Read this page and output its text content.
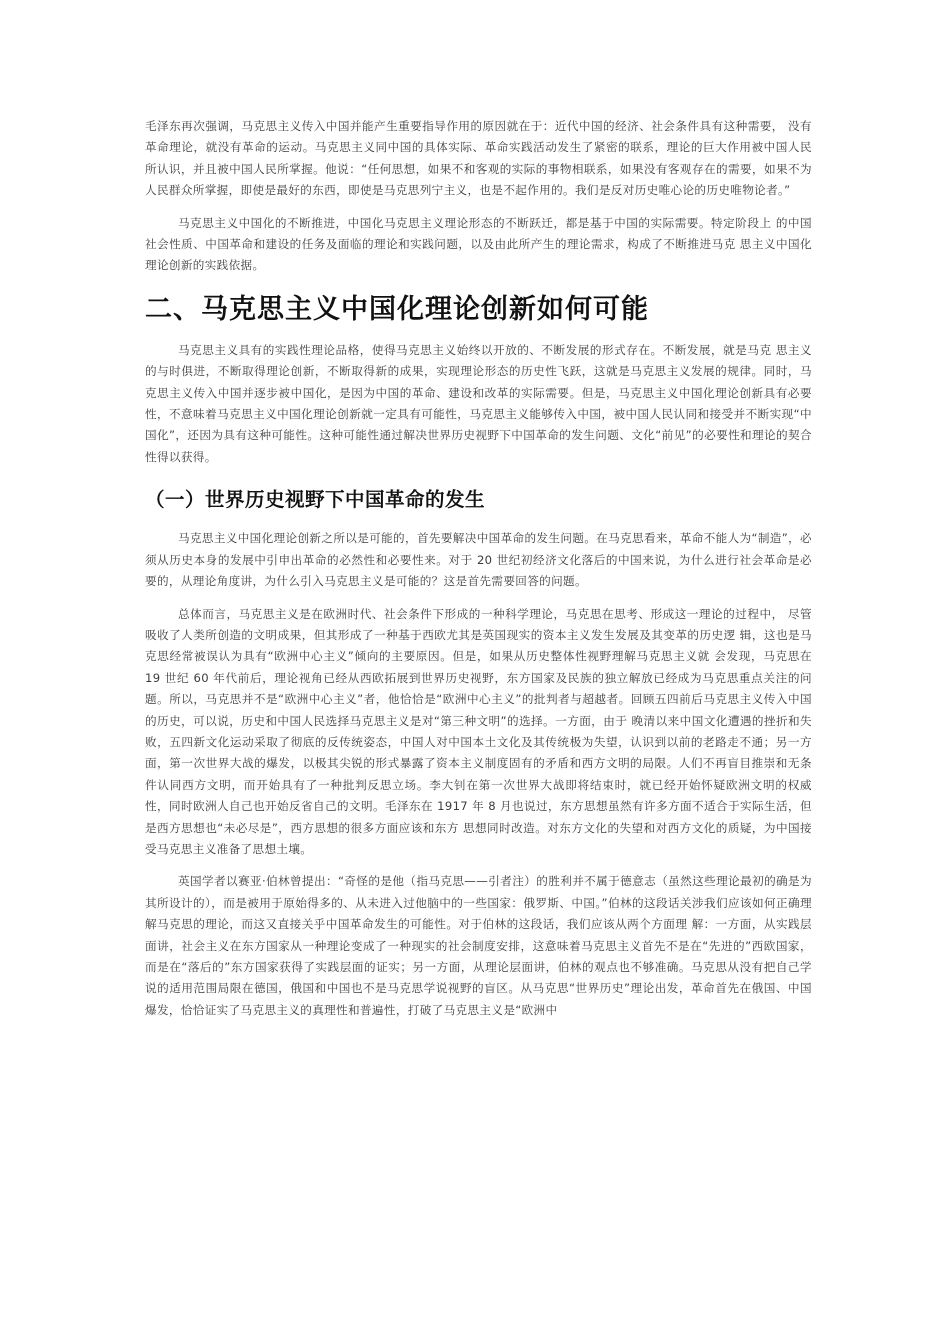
毛泽东再次强调，马克思主义传入中国并能产生重要指导作用的原因就在于：近代中国的经济、社会条件具有这种需要， 没有革命理论，就没有革命的运动。马克思主义同中国的具体实际、革命实践活动发生了紧密的联系，理论的巨大作用被中国人民所认识，并且被中国人民所掌握。他说：“任何思想，如果不和客观的实际的事物相联系，如果没有客观存在的需要，如果不为人民群众所掌握，即使是最好的东西，即使是马克思列宁主义，也是不起作用的。我们是反对历史唯心论的历史唯物论者。”

马克思主义中国化的不断推进，中国化马克思主义理论形态的不断跃迁，都是基于中国的实际需要。特定阶段上 的中国社会性质、中国革命和建设的任务及面临的理论和实践问题，以及由此所产生的理论需求，构成了不断推进马克 思主义中国化理论创新的实践依据。

二、马克思主义中国化理论创新如何可能

马克思主义具有的实践性理论品格，使得马克思主义始终以开放的、不断发展的形式存在。不断发展，就是马克 思主义的与时俱进，不断取得理论创新，不断取得新的成果，实现理论形态的历史性飞跃，这就是马克思主义发展的规律。同时，马克思主义传入中国并逐步被中国化，是因为中国的革命、建设和改革的实际需要。但是，马克思主义中国化理论创新具有必要性，不意味着马克思主义中国化理论创新就一定具有可能性，马克思主义能够传入中国，被中国人民认同和接受并不断实现“中国化”，还因为具有这种可能性。这种可能性通过解决世界历史视野下中国革命的发生问题、文化“前见”的必要性和理论的契合性得以获得。

（一）世界历史视野下中国革命的发生

马克思主义中国化理论创新之所以是可能的，首先要解决中国革命的发生问题。在马克思看来，革命不能人为“制造”，必须从历史本身的发展中引申出革命的必然性和必要性来。对于 20 世纪初经济文化落后的中国来说，为什么进行社会革命是必要的，从理论角度讲，为什么引入马克思主义是可能的？这是首先需要回答的问题。

总体而言，马克思主义是在欧洲时代、社会条件下形成的一种科学理论，马克思在思考、形成这一理论的过程中， 尽管吸收了人类所创造的文明成果，但其形成了一种基于西欧尤其是英国现实的资本主义发生发展及其变革的历史逻 辑，这也是马克思经常被误认为具有“欧洲中心主义”倾向的主要原因。但是，如果从历史整体性视野理解马克思主义就 会发现，马克思在 19 世纪 60 年代前后，理论视角已经从西欧拓展到世界历史视野，东方国家及民族的独立解放已经成为马克思重点关注的问题。所以，马克思并不是“欧洲中心主义”者，他恰恰是“欧洲中心主义”的批判者与超越者。回顾五四前后马克思主义传入中国的历史，可以说，历史和中国人民选择马克思主义是对“第三种文明”的选择。一方面，由于 晚清以来中国文化遭遇的挫折和失败，五四新文化运动采取了彻底的反传统姿态，中国人对中国本土文化及其传统极为失望，认识到以前的老路走不通；另一方面，第一次世界大战的爆发，以极其尖锐的形式暴露了资本主义制度固有的矛盾和西方文明的局限。人们不再盲目推崇和无条件认同西方文明，而开始具有了一种批判反思立场。李大钊在第一次世界大战即将结束时，就已经开始怀疑欧洲文明的权威性，同时欧洲人自己也开始反省自己的文明。毛泽东在 1917 年 8 月也说过，东方思想虽然有许多方面不适合于实际生活，但是西方思想也“未必尽是”，西方思想的很多方面应该和东方 思想同时改造。对东方文化的失望和对西方文化的质疑，为中国接受马克思主义准备了思想土壤。

英国学者以赛亚·伯林曾提出：“奇怪的是他（指马克思——引者注）的胜利并不属于德意志（虽然这些理论最初的确是为其所设计的），而是被用于原始得多的、从未进入过他脑中的一些国家：俄罗斯、中国。”伯林的这段话关涉我们应该如何正确理解马克思的理论，而这又直接关乎中国革命发生的可能性。对于伯林的这段话，我们应该从两个方面理 解：一方面，从实践层面讲，社会主义在东方国家从一种理论变成了一种现实的社会制度安排，这意味着马克思主义首先不是在“先进的”西欧国家，而是在“落后的”东方国家获得了实践层面的证实；另一方面，从理论层面讲，伯林的观点也不够准确。马克思从没有把自己学说的适用范围局限在德国，俄国和中国也不是马克思学说视野的盲区。从马克思“世界历史”理论出发，革命首先在俄国、中国爆发，恰恰证实了马克思主义的真理性和普遍性，打破了马克思主义是“欧洲中
